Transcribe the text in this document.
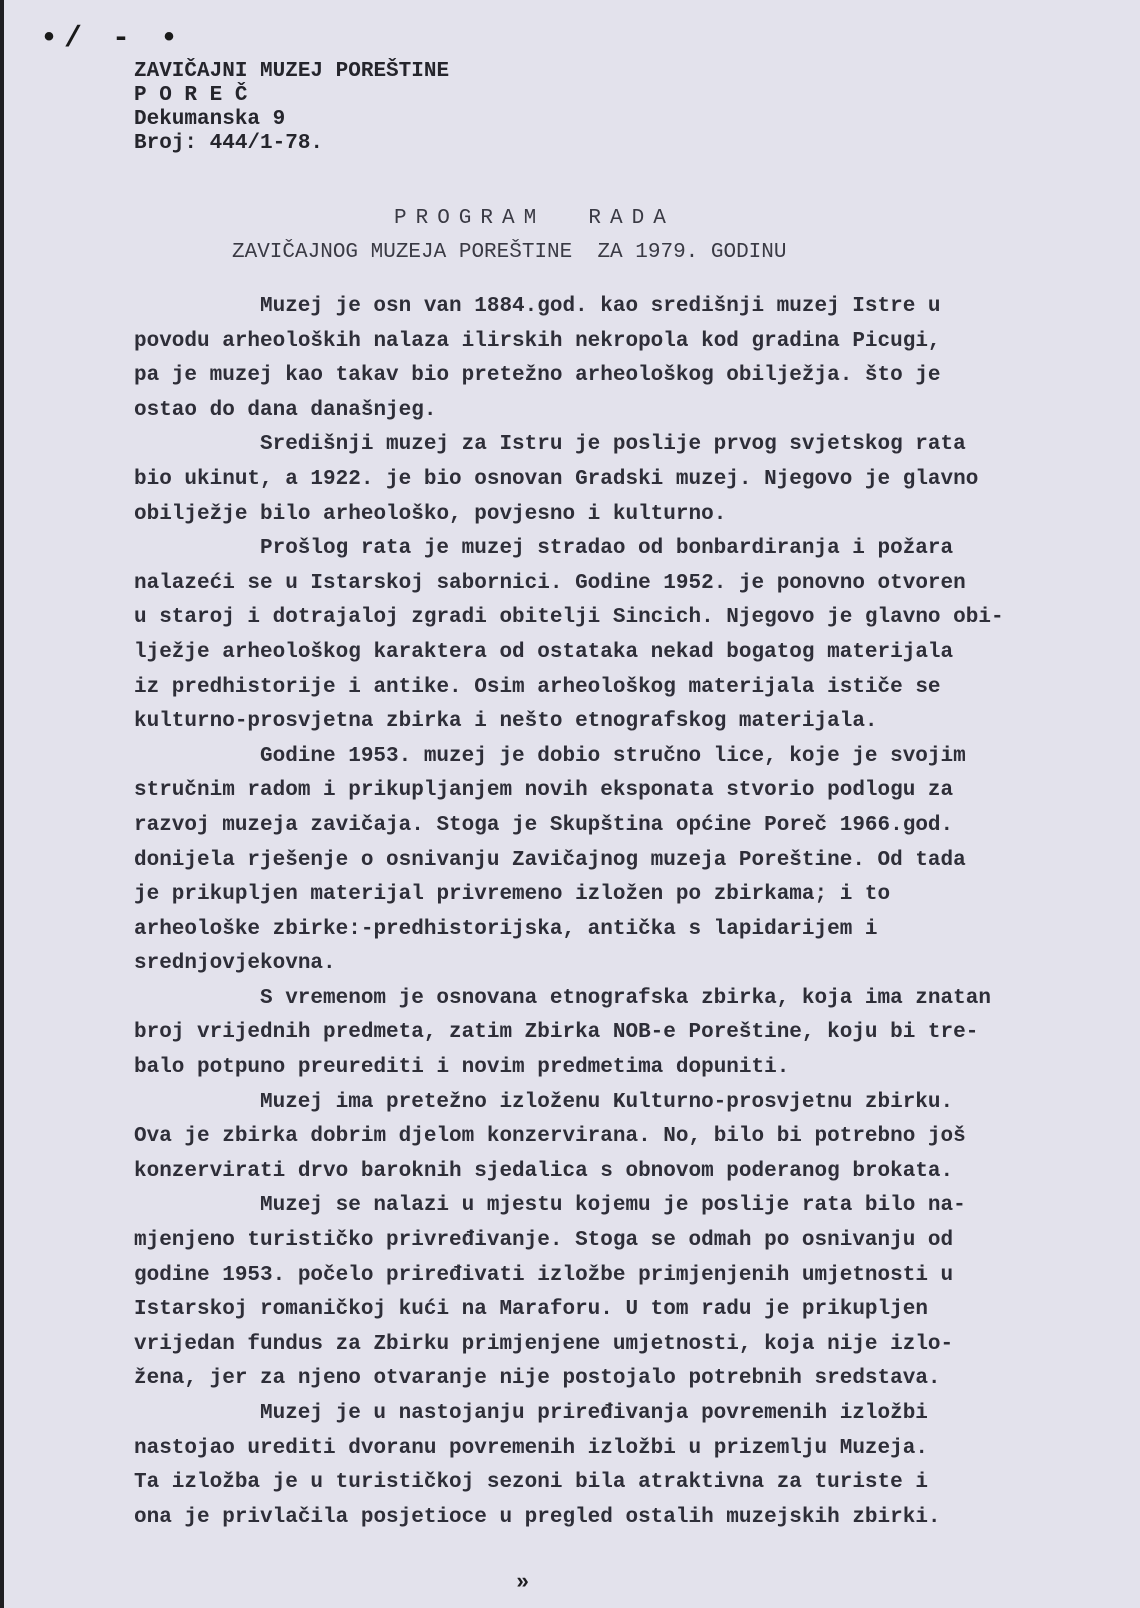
•/ - •
ZAVIČAJNI MUZEJ POREŠTINE
P O R E Č
Dekumanska 9
Broj: 444/1-78.
PROGRAM  RADA
ZAVIČAJNOG MUZEJA POREŠTINE  ZA 1979. GODINU
Muzej je osn van 1884.god. kao središnji muzej Istre u
povodu arheoloških nalaza ilirskih nekropola kod gradina Picugi,
pa je muzej kao takav bio pretežno arheološkog obilježja. što je
ostao do dana današnjeg.
Središnji muzej za Istru je poslije prvog svjetskog rata
bio ukinut, a 1922. je bio osnovan Gradski muzej. Njegovo je glavno
obilježje bilo arheološko, povjesno i kulturno.
Prošlog rata je muzej stradao od bonbardiranja i požara
nalazeći se u Istarskoj sabornici. Godine 1952. je ponovno otvoren
u starој i dotrajaloj zgradi obitelji Sincich. Njegovo je glavno obi-
lježje arheološkog karaktera od ostataka nekad bogatog materijala
iz predhistorije i antike. Osim arheološkog materijala ističe se
kulturno-prosvjetna zbirka i nešto etnografskog materijala.
Godine 1953. muzej je dobio stručno lice, koje je svojim
stručnim radom i prikupljanjem novih eksponata stvorio podlogu za
razvoj muzeja zavičaja. Stoga je Skupština općine Poreč 1966.god.
donijela rješenje o osnivanju Zavičajnog muzeja Poreštine. Od tada
je prikupljen materijal privremeno izložen po zbirkama; i to
arheološke zbirke:-predhistorijska, antička s lapidarijem i
srednjovjekovna.
S vremenom je osnovana etnografska zbirka, koja ima znatan
broj vrijednih predmeta, zatim Zbirka NOB-e Poreštine, koju bi tre-
balo potpuno preurediti i novim predmetima dopuniti.
Muzej ima pretežno izloženu Kulturno-prosvjetnu zbirku.
Ova je zbirka dobrim djelom konzervirana. No, bilo bi potrebno još
konzervirati drvo baroknih sjedalica s obnovom poderanog brokata.
Muzej se nalazi u mjestu kojemu je poslije rata bilo na-
mjenjeno turističko privređivanje. Stoga se odmah po osnivanju od
godine 1953. počelo priređivati izložbe primjenjenih umjetnosti u
Istarskoj romaničkoj kući na Maraforu. U tom radu je prikupljen
vrijedan fundus za Zbirku primjenjene umjetnosti, koja nije izlo-
žena, jer za njeno otvaranje nije postojalo potrebnih sredstava.
Muzej je u nastojanju priređivanja povremenih izložbi
nastojao urediti dvoranu povremenih izložbi u prizemlju Muzeja.
Ta izložba je u turističkoj sezoni bila atraktivna za turiste i
ona je privlačila posjetioce u pregled ostalih muzejskih zbirki.
»
